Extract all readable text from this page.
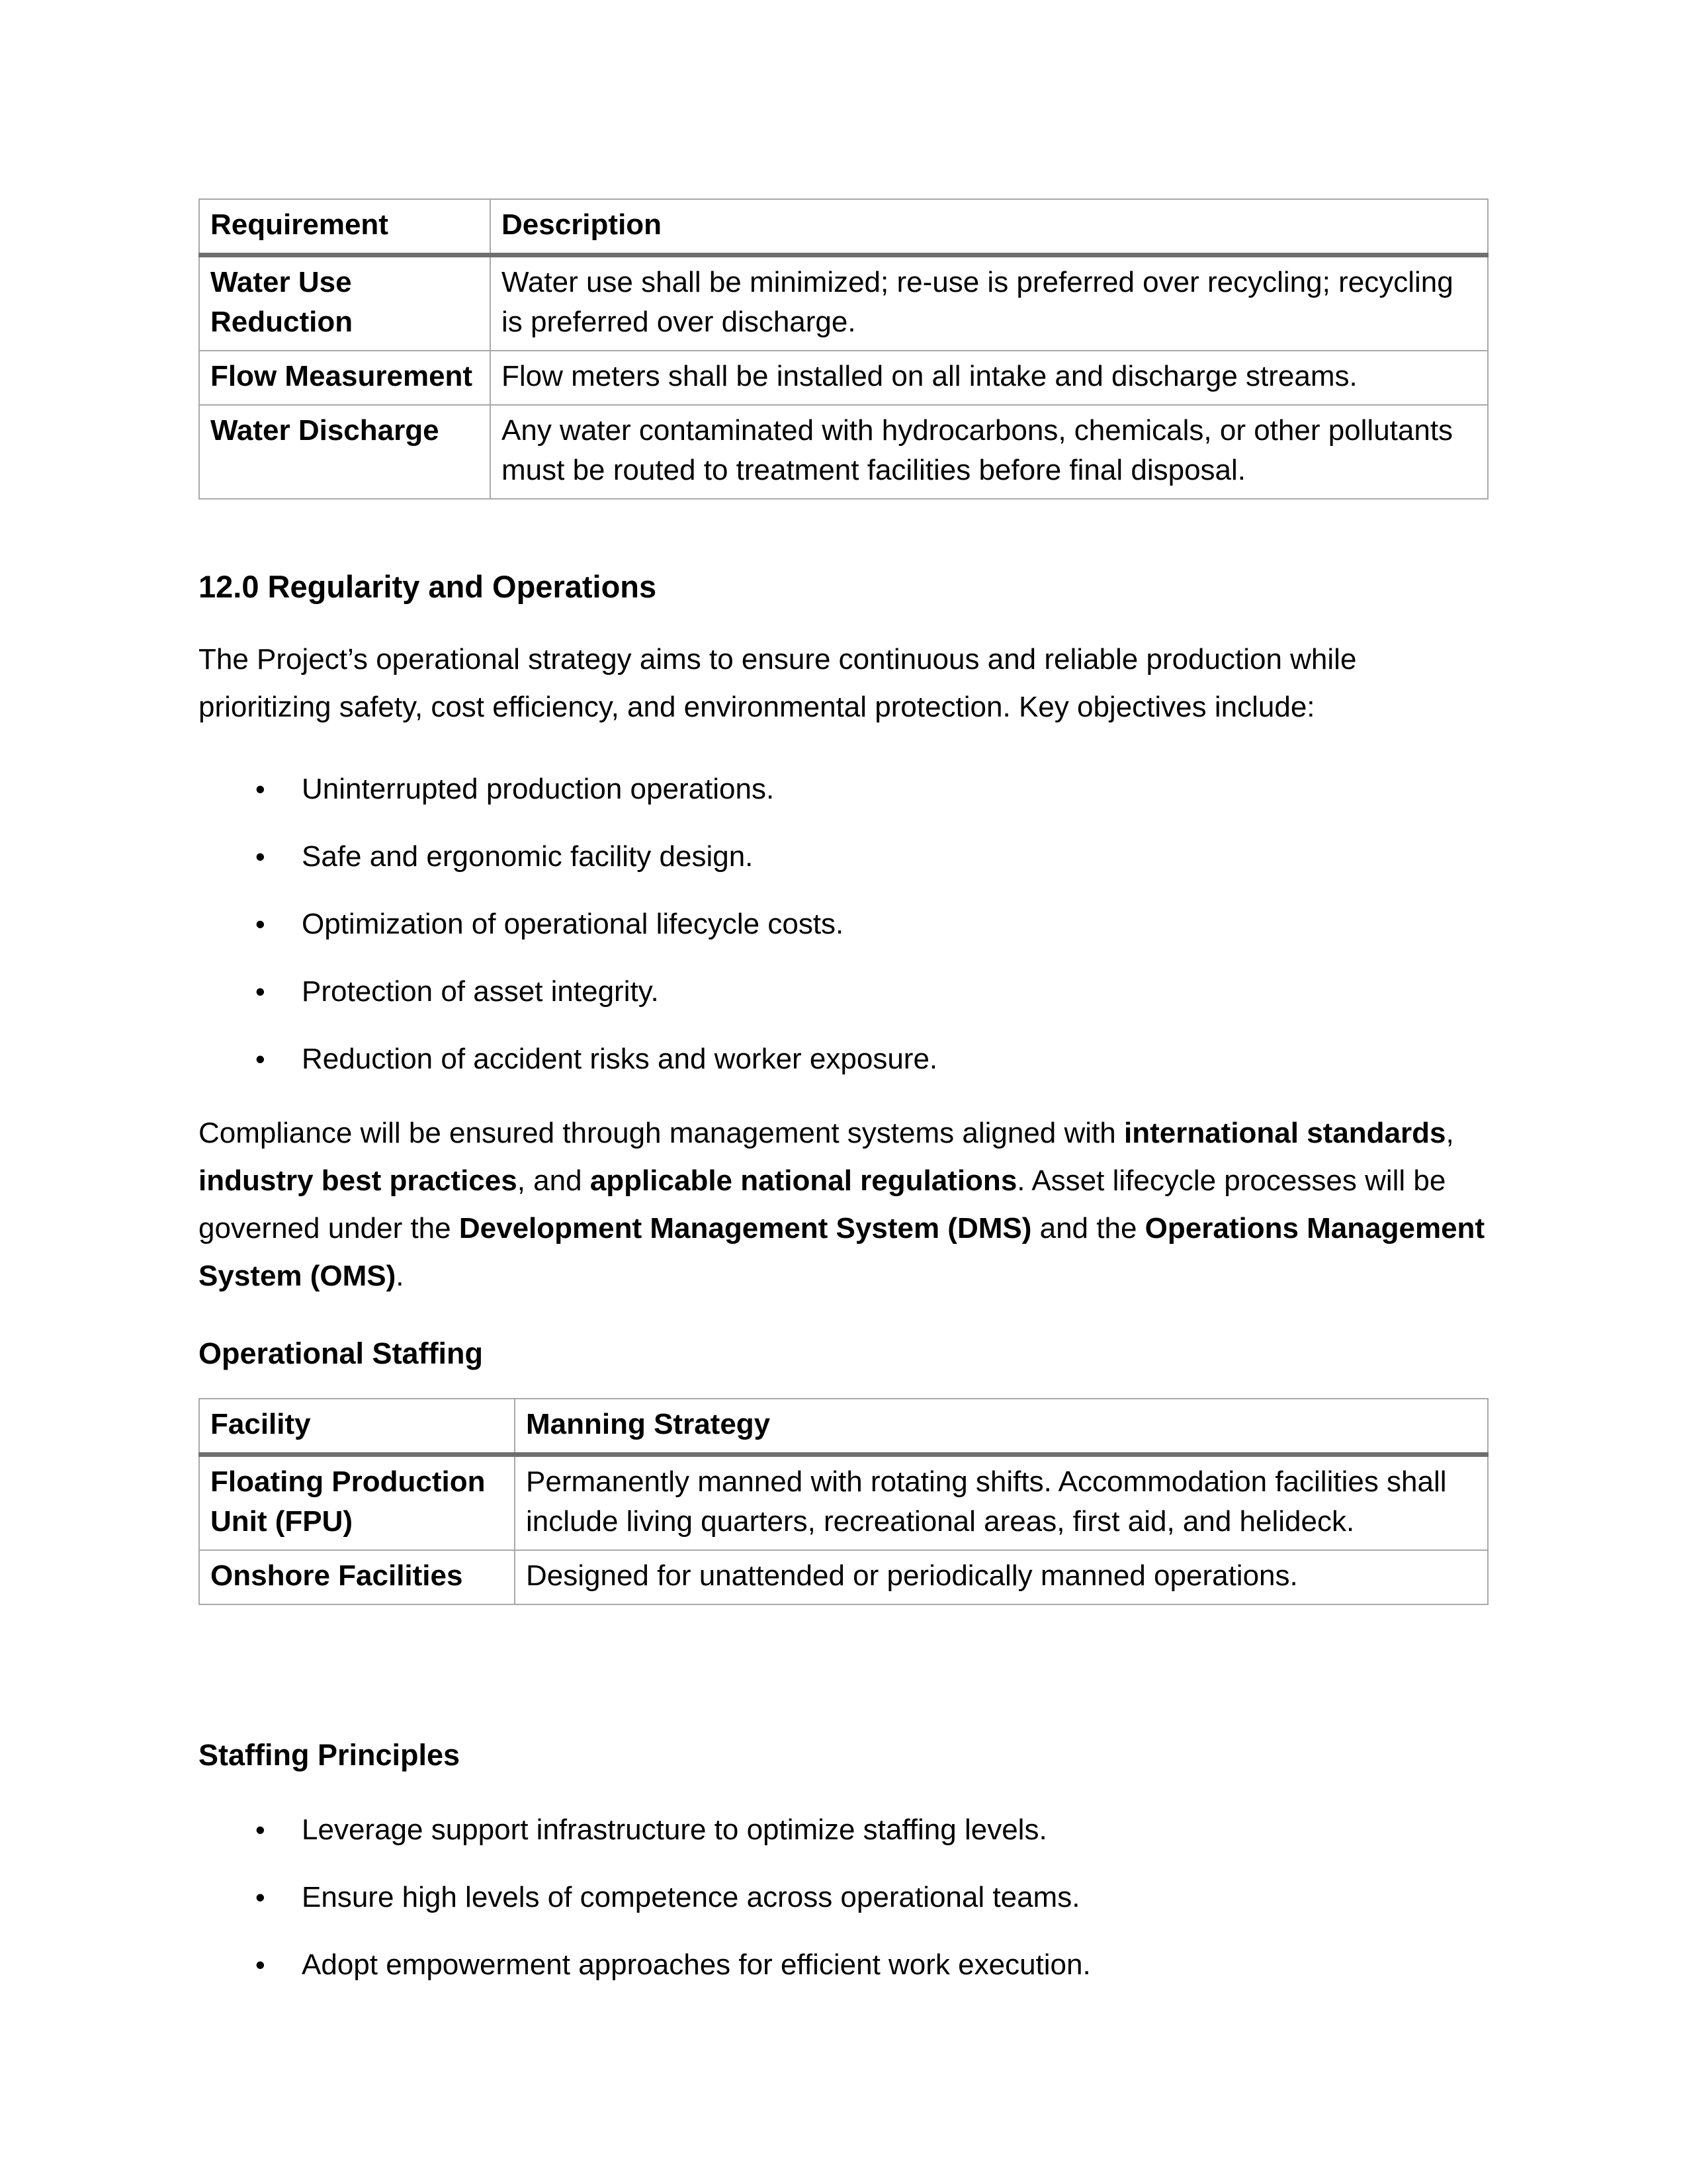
Requirement	Description
Water Use Reduction	Water use shall be minimized; re-use is preferred over recycling; recycling is preferred over discharge.
Flow Measurement	Flow meters shall be installed on all intake and discharge streams.
Water Discharge	Any water contaminated with hydrocarbons, chemicals, or other pollutants must be routed to treatment facilities before final disposal.
12.0 Regularity and Operations

The Project’s operational strategy aims to ensure continuous and reliable production while prioritizing safety, cost efficiency, and environmental protection. Key objectives include:

• Uninterrupted production operations.
• Safe and ergonomic facility design.
• Optimization of operational lifecycle costs.
• Protection of asset integrity.
• Reduction of accident risks and worker exposure.

Compliance will be ensured through management systems aligned with international standards, industry best practices, and applicable national regulations. Asset lifecycle processes will be governed under the Development Management System (DMS) and the Operations Management System (OMS).

Operational Staffing
Facility	Manning Strategy
Floating Production Unit (FPU)	Permanently manned with rotating shifts. Accommodation facilities shall include living quarters, recreational areas, first aid, and helideck.
Onshore Facilities	Designed for unattended or periodically manned operations.
Staffing Principles
• Leverage support infrastructure to optimize staffing levels.
• Ensure high levels of competence across operational teams.
• Adopt empowerment approaches for efficient work execution.
